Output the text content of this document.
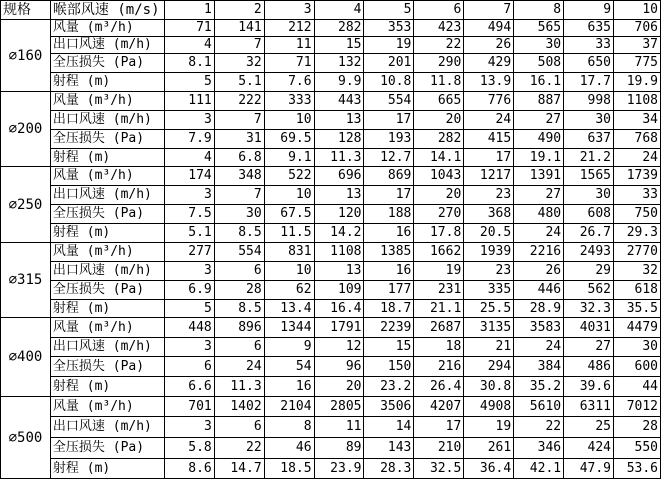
规格	喉部风速 (m/s)	1	2	3	4	5	6	7	8	9	10
∅160	风量 (m³/h)	71	141	212	282	353	423	494	565	635	706
	出口风速 (m/h)	4	7	11	15	19	22	26	30	33	37
	全压损失 (Pa)	8.1	32	71	132	201	290	429	508	650	775
	射程 (m)	5	5.1	7.6	9.9	10.8	11.8	13.9	16.1	17.7	19.9
∅200	风量 (m³/h)	111	222	333	443	554	665	776	887	998	1108
	出口风速 (m/h)	3	7	10	13	17	20	24	27	30	34
	全压损失 (Pa)	7.9	31	69.5	128	193	282	415	490	637	768
	射程 (m)	4	6.8	9.1	11.3	12.7	14.1	17	19.1	21.2	24
∅250	风量 (m³/h)	174	348	522	696	869	1043	1217	1391	1565	1739
	出口风速 (m/h)	3	7	10	13	17	20	23	27	30	33
	全压损失 (Pa)	7.5	30	67.5	120	188	270	368	480	608	750
	射程 (m)	5.1	8.5	11.5	14.2	16	17.8	20.5	24	26.7	29.3
∅315	风量 (m³/h)	277	554	831	1108	1385	1662	1939	2216	2493	2770
	出口风速 (m/h)	3	6	10	13	16	19	23	26	29	32
	全压损失 (Pa)	6.9	28	62	109	177	231	335	446	562	618
	射程 (m)	5	8.5	13.4	16.4	18.7	21.1	25.5	28.9	32.3	35.5
∅400	风量 (m³/h)	448	896	1344	1791	2239	2687	3135	3583	4031	4479
	出口风速 (m/h)	3	6	9	12	15	18	21	24	27	30
	全压损失 (Pa)	6	24	54	96	150	216	294	384	486	600
	射程 (m)	6.6	11.3	16	20	23.2	26.4	30.8	35.2	39.6	44
∅500	风量 (m³/h)	701	1402	2104	2805	3506	4207	4908	5610	6311	7012
	出口风速 (m/h)	3	6	8	11	14	17	19	22	25	28
	全压损失 (Pa)	5.8	22	46	89	143	210	261	346	424	550
	射程 (m)	8.6	14.7	18.5	23.9	28.3	32.5	36.4	42.1	47.9	53.6
